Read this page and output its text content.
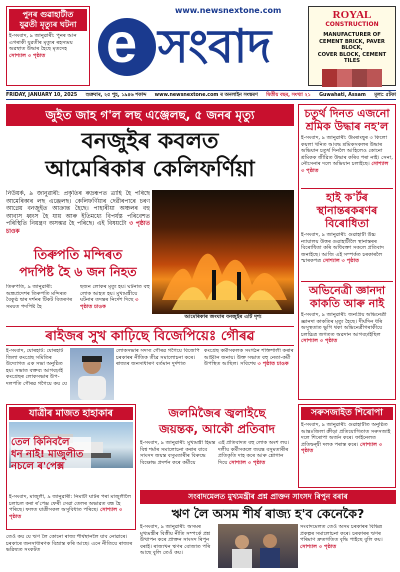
পুনৰ গুৱাহাটীত
যুৱতী মৃত্যুৰ ঘটনা
ই-সংবাদ, ৯ জানুৱাৰী: পুনৰ আন এগৰাকী যুৱতীৰ মৃত্যুৰ ৰহস্যময় অৱস্থাত উদ্ধাৰ হৈছে মৃতদেহ
সোশ্যাল ৩ পৃষ্ঠাত
www.newsnextone.com
e সংবাদ
ROYAL
CONSTRUCTION
MANUFACTURER OF
CEMENT BRICK, PAVER BLOCK,
COVER BLOCK, CEMENT TILES
FRIDAY, JANUARY 10, 2025 শুক্ৰবাৰ, ২৫ পুহ, ১৯৪৬ শকাব্দ www.newsnextone.com ৰ অনলাইন সংস্কৰণ দ্বিতীয় বছৰ, সংখ্যা ২১ Guwahati, Assam মূল্য: ৫টকা
জুইত জাহ গ'ল লছ এঞ্জেলছ, ৫ জনৰ মৃত্যু
বনজুইৰ কবলত
আমেৰিকাৰ কেলিফৰ্ণিয়া
নিউয়ৰ্ক, ৯ জানুৱাৰী: প্ৰকৃতিৰ ৰুদ্ৰৰূপত ত্ৰাহি হৈ পৰিছে আমেৰিকাৰ লছ এঞ্জেলছ। কেলিফৰ্ণিয়াৰ দেৱীৰপাৰে চৰণ আগ্নেয় বনজুইত আক্ৰান্ত হৈছে। পাহাৰীয়া অঞ্চলৰ বহু আবাস ধ্বংস হৈ যায় আৰু ইতিমধ্যে বিপৰ্যস্ত পৰিবেশত পৰিস্থিতি নিয়ন্ত্ৰণ অসম্ভৱ হৈ পৰিছে। এই বিষয়টো ৩ পৃষ্ঠাত চাওক
আমেৰিকাৰ জংঘাৰ বনজুইৰ এটি দৃশ্য
তিৰুপতি মন্দিৰত
পদপিষ্ট হৈ ৬ জন নিহত
তিৰুপতি, ৯ জানুৱাৰী: অন্ধ্ৰপ্ৰদেশৰ তিৰুপতি মন্দিৰত বৈকুণ্ঠ দ্বাৰ দৰ্শনৰ টিকট বিতৰণৰ সময়ত পদপিষ্ট হৈ
ছজন লোকৰ মৃত্যু হয়। ঘটনাত বহু লোক আহত হয়। মুখ্যমন্ত্ৰীয়ে ঘটনাৰ তদন্তৰ নিৰ্দেশ দিছে ৩ পৃষ্ঠাত চাওক
ৰাইজৰ সুখ কাঢ়িছে বিজেপিয়েঃ গৌৰৱ
ই-সংবাদ, যোৰহাট: যোৰহাট জিলা কংগ্ৰেছ সমিতিৰ উদ্যোগত এক সভা অনুষ্ঠিত হয়। সভাত বক্তব্য আগবঢ়াই কংগ্ৰেছৰ লোকসভাৰ উপ-দলপতি গৌৰৱ গগৈয়ে কয় যে
লোকসভাৰ সদস্য গৌৰৱ গগৈয়ে বিজেপি চৰকাৰৰ নীতিক তীব্ৰ সমালোচনা কৰে। ৰাজ্যৰ জনসাধাৰণ বৰ্তমান দুৰ্দশাত
কংগ্ৰেছ কৰ্মীসকলক সংগঠন শক্তিশালী কৰাৰ আহ্বান জনায়। উক্ত সভাত বহু নেতা-কৰ্মী উপস্থিত আছিল। সবিশেষ ৩ পৃষ্ঠাত চাওক
চতুৰ্থ দিনত এজনো শ্ৰমিক উদ্ধাৰ নহ'ল
ই-সংবাদ, ৯ জানুৱাৰী: উমৰাংছুৰ ৩ কিলো কয়লা খনিত আবদ্ধ শ্ৰমিকসকলৰ উদ্ধাৰ অভিযান চতুৰ্থ দিনলৈ আহিলেও কোনো শ্ৰমিকক জীৱিত উদ্ধাৰ কৰিব পৰা নাই। সেনা, নৌসেনাৰ দলে অভিযান চলাইছে। সোশ্যাল ৩ পৃষ্ঠাত
হাই ক'ৰ্টৰ স্থানান্তৰকৰণৰ বিৰোধিতা
ই-সংবাদ, ৯ জানুৱাৰী: গুৱাহাটী উচ্চ ন্যায়ালয় উত্তৰ গুৱাহাটীলৈ স্থানান্তৰৰ বিৰোধিতা কৰি অধিবক্তা সকলে প্ৰতিবাদ জনাইছে। আজি এই সম্পৰ্কত চৰকাৰলৈ স্মাৰকপত্ৰ সোশ্যাল ৩ পৃষ্ঠাত
অভিনেত্ৰী জ্ঞানদা কাকতি আৰু নাই
ই-সংবাদ, ৯ জানুৱাৰী: জনপ্ৰিয় অভিনেত্ৰী জ্ঞানদা কাকতিৰ মৃত্যু হৈছে। দীৰ্ঘদিন ধৰি অসুস্থতাত ভুগি থকা অভিনেত্ৰীগৰাকীয়ে চলচ্চিত্ৰ জগতত অৱদান আগবঢ়াইছিল সোশ্যাল ৩ পৃষ্ঠাত
যাত্ৰীৰ মাজত হাহাকাৰ
তেল কিনিবলৈ
ধন নাই! মাজুলীত
নচলে ৰ'পেক্স
ই-সংবাদ, মাজুলী, ৯ জানুৱাৰী: নিমাটী ঘাটৰ পৰা মাজুলীলৈ চলাচল কৰা ৰ'পেক্স ফেৰী সেৱা তেলৰ অভাৱত বন্ধ হৈ পৰিছে। ফলত যাত্ৰীসকল অসুবিধাত পৰিছে। সোশ্যাল ৩ পৃষ্ঠাত
জলমিজৈৰ জ্বলাইছে
জয়ন্তক, আকৌ প্ৰতিবাদ
ই-সংবাদ, ৯ জানুৱাৰী: মুখ্যমন্ত্ৰী হিমন্ত বিশ্ব শৰ্মাৰ সমালোচনা কৰাৰ বাবে সাংসদ জয়ন্ত বসুমতাৰীৰ বিৰুদ্ধে বিক্ষোভ প্ৰদৰ্শন কৰে কৰ্মীয়ে
এই প্ৰতিবাদত বহু লোক অংশ লয়। দলীয় কৰ্মীসকলে জয়ন্ত বসুমতাৰীৰ প্ৰতিকৃতি দাহ কৰে আৰু শ্লোগান দিয়ে সোশ্যাল ৩ পৃষ্ঠাত
সৰুসজাইত শিৰোপা
ই-সংবাদ, ৯ জানুৱাৰী: গুৱাহাটীত অনুষ্ঠিত আন্তঃজিলা ক্ৰীড়া প্ৰতিযোগিতাত সৰুসজাই দলে শিৰোপা অৰ্জন কৰে। ফাইনেলত প্ৰতিদ্বন্দ্বী দলক পৰাস্ত কৰে। সোশ্যাল ৩ পৃষ্ঠাত
সংবাদমেলত মুখ্যমন্ত্ৰীৰ প্ৰশ্ন প্ৰাক্তন সাংসদ ৰিপুন বৰাৰ
ঋণ লৈ অসম শীৰ্ষ ৰাজ্য হ'ব কেনেকৈ?
ই-সংবাদ, ৯ জানুৱাৰী: অসমৰ মুখ্যমন্ত্ৰীৰ বিত্তীয় নীতি সম্পৰ্কে প্ৰশ্ন উত্থাপন কৰে প্ৰাক্তন সাংসদ ৰিপুন বৰাই। ৰাজ্যখন ঋণৰ বোজাত পৰি আছে বুলি তেওঁ কয়।
সংবাদমেলত তেওঁ অসম চৰকাৰৰ বিভিন্ন প্ৰকল্পৰ সমালোচনা কৰে। চৰকাৰৰ ঋণৰ পৰিমাণ দ্ৰুতগতিত বৃদ্ধি পাইছে বুলি কয়। সোশ্যাল ৩ পৃষ্ঠাত
তেওঁ কয় যে ঋণ লৈ কোনো ৰাজ্য শীৰ্ষস্থানলৈ যাব নোৱাৰে। চৰকাৰে জনসাধাৰণক বিভ্ৰান্ত কৰি আছে। এনে নীতিয়ে ৰাজ্যৰ ভৱিষ্যত সংকটত
